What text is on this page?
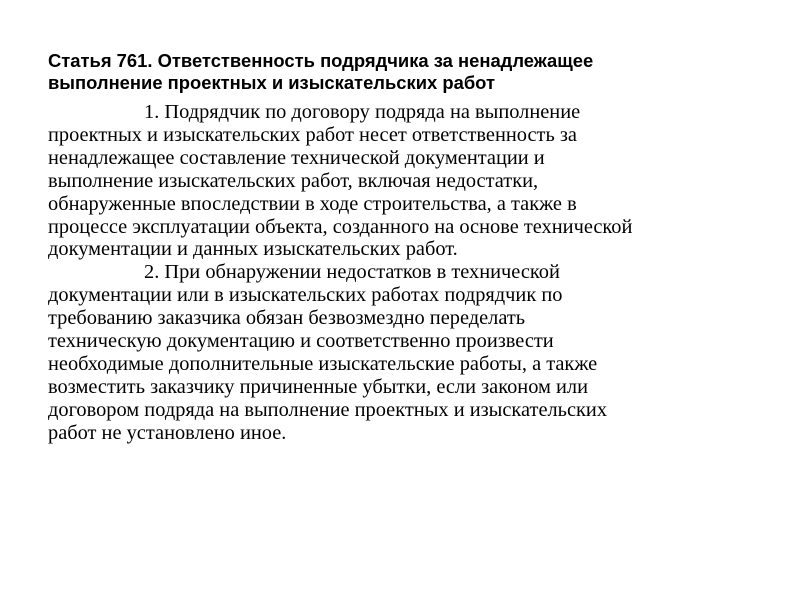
Статья 761. Ответственность подрядчика за ненадлежащее
выполнение проектных и изыскательских работ
1. Подрядчик по договору подряда на выполнение
проектных и изыскательских работ несет ответственность за
ненадлежащее составление технической документации и
выполнение изыскательских работ, включая недостатки,
обнаруженные впоследствии в ходе строительства, а также в
процессе эксплуатации объекта, созданного на основе технической
документации и данных изыскательских работ.
2. При обнаружении недостатков в технической
документации или в изыскательских работах подрядчик по
требованию заказчика обязан безвозмездно переделать
техническую документацию и соответственно произвести
необходимые дополнительные изыскательские работы, а также
возместить заказчику причиненные убытки, если законом или
договором подряда на выполнение проектных и изыскательских
работ не установлено иное.
